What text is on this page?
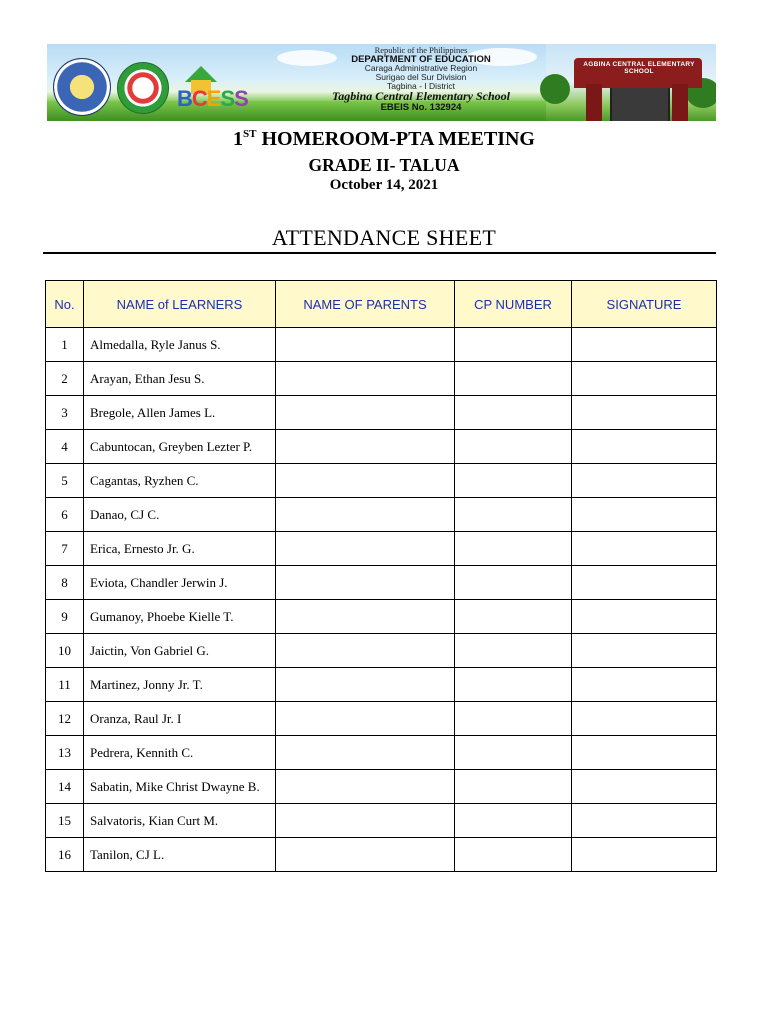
BCESS
Republic of the Philippines
DEPARTMENT OF EDUCATION
Caraga Administrative Region
Surigao del Sur Division
Tagbina - I District
Tagbina Central Elementary School
EBEIS No. 132924
AGBINA CENTRAL ELEMENTARY SCHOOL
1ST HOMEROOM-PTA MEETING
GRADE II- TALUA
October 14, 2021
ATTENDANCE SHEET
No.	NAME of LEARNERS	NAME OF PARENTS	CP NUMBER	SIGNATURE
1	Almedalla, Ryle Janus S.			
2	Arayan, Ethan Jesu S.			
3	Bregole, Allen James L.			
4	Cabuntocan, Greyben Lezter P.			
5	Cagantas, Ryzhen C.			
6	Danao, CJ C.			
7	Erica, Ernesto Jr. G.			
8	Eviota, Chandler Jerwin J.			
9	Gumanoy, Phoebe Kielle T.			
10	Jaictin, Von Gabriel G.			
11	Martinez, Jonny Jr. T.			
12	Oranza, Raul Jr. I			
13	Pedrera, Kennith C.			
14	Sabatin, Mike Christ Dwayne B.			
15	Salvatoris, Kian Curt M.			
16	Tanilon, CJ L.			
